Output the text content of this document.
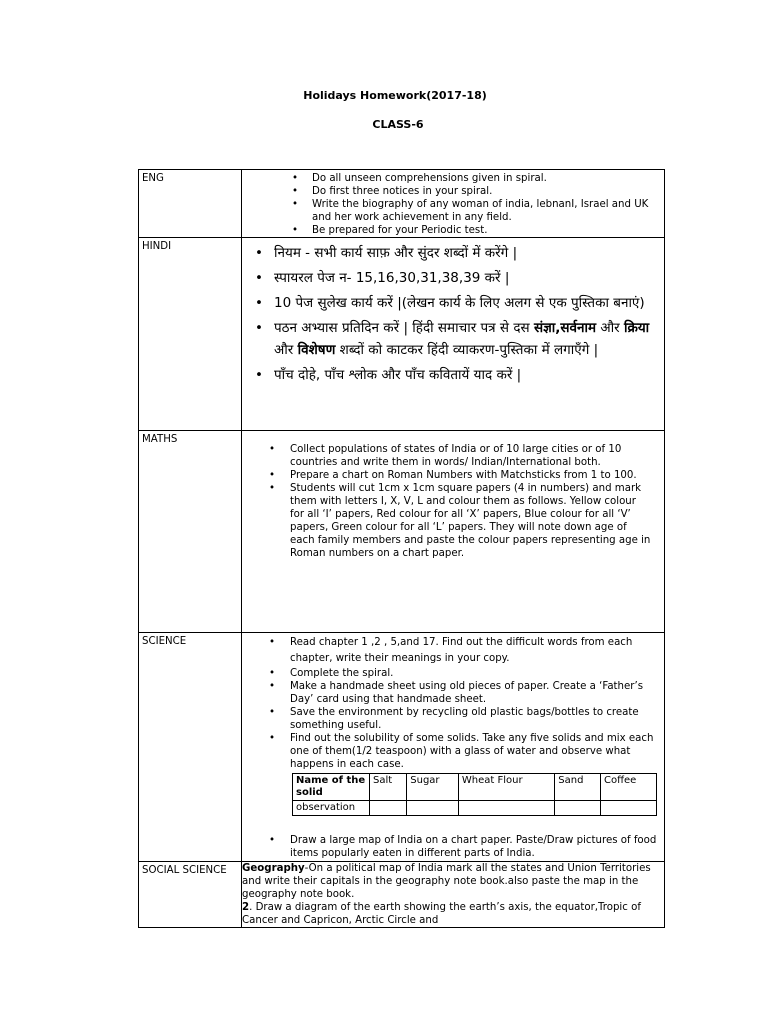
Holidays Homework(2017-18)
CLASS-6
ENG	
•Do all unseen comprehensions given in spiral.
• Do first three notices in your spiral.
• Write the biography of any woman of india, lebnanI, Israel and UK and her work achievement in any field.
• Be prepared for your Periodic test.

HINDI	
•नियम - सभी कार्य साफ़ और सुंदर शब्दों में करेंगे |
• स्पायरल पेज न- 15,16,30,31,38,39 करें |
• 10 पेज सुलेख कार्य करें |(लेखन कार्य के लिए अलग से एक पुस्तिका बनाएं)
• पठन अभ्यास प्रतिदिन करें | हिंदी समाचार पत्र से दस संज्ञा,सर्वनाम और क्रिया और विशेषण शब्दों को काटकर हिंदी व्याकरण-पुस्तिका में लगाएँगे |
• पाँच दोहे, पाँच श्लोक और पाँच कवितायें याद करें |

MATHS	
• Collect populations of states of India or of 10 large cities or of 10 countries and write them in words/ Indian/International both.
• Prepare a chart on Roman Numbers with Matchsticks from 1 to 100.
• Students will cut 1cm x 1cm square papers (4 in numbers) and mark them with letters I, X, V, L and colour them as follows. Yellow colour for all ‘I’ papers, Red colour for all ‘X’ papers, Blue colour for all ‘V’ papers, Green colour for all ‘L’ papers. They will note down age of each family members and paste the colour papers representing age in Roman numbers on a chart paper.

SCIENCE	
•Read chapter 1 ,2 , 5,and 17. Find out the difficult words from each chapter, write their meanings in your copy.
• Complete the spiral.
• Make a handmade sheet using old pieces of paper. Create a ‘Father’s Day’ card using that handmade sheet.
• Save the environment by recycling old plastic bags/bottles to create something useful.
• Find out the solubility of some solids. Take any five solids and mix each one of them(1/2 teaspoon) with a glass of water and observe what happens in each case.
Name of the solid	Salt	Sugar	Wheat Flour	Sand	Coffee
observation					
• Draw a large map of India on a chart paper. Paste/Draw pictures of food items popularly eaten in different parts of India.

SOCIAL SCIENCE	Geography-On a political map of India mark all the states and Union Territories and write their capitals in the geography note book.also paste the map in the geography note book.
2. Draw a diagram of the earth showing the earth’s axis, the equator,Tropic of                          Cancer and Capricon, Arctic Circle and
